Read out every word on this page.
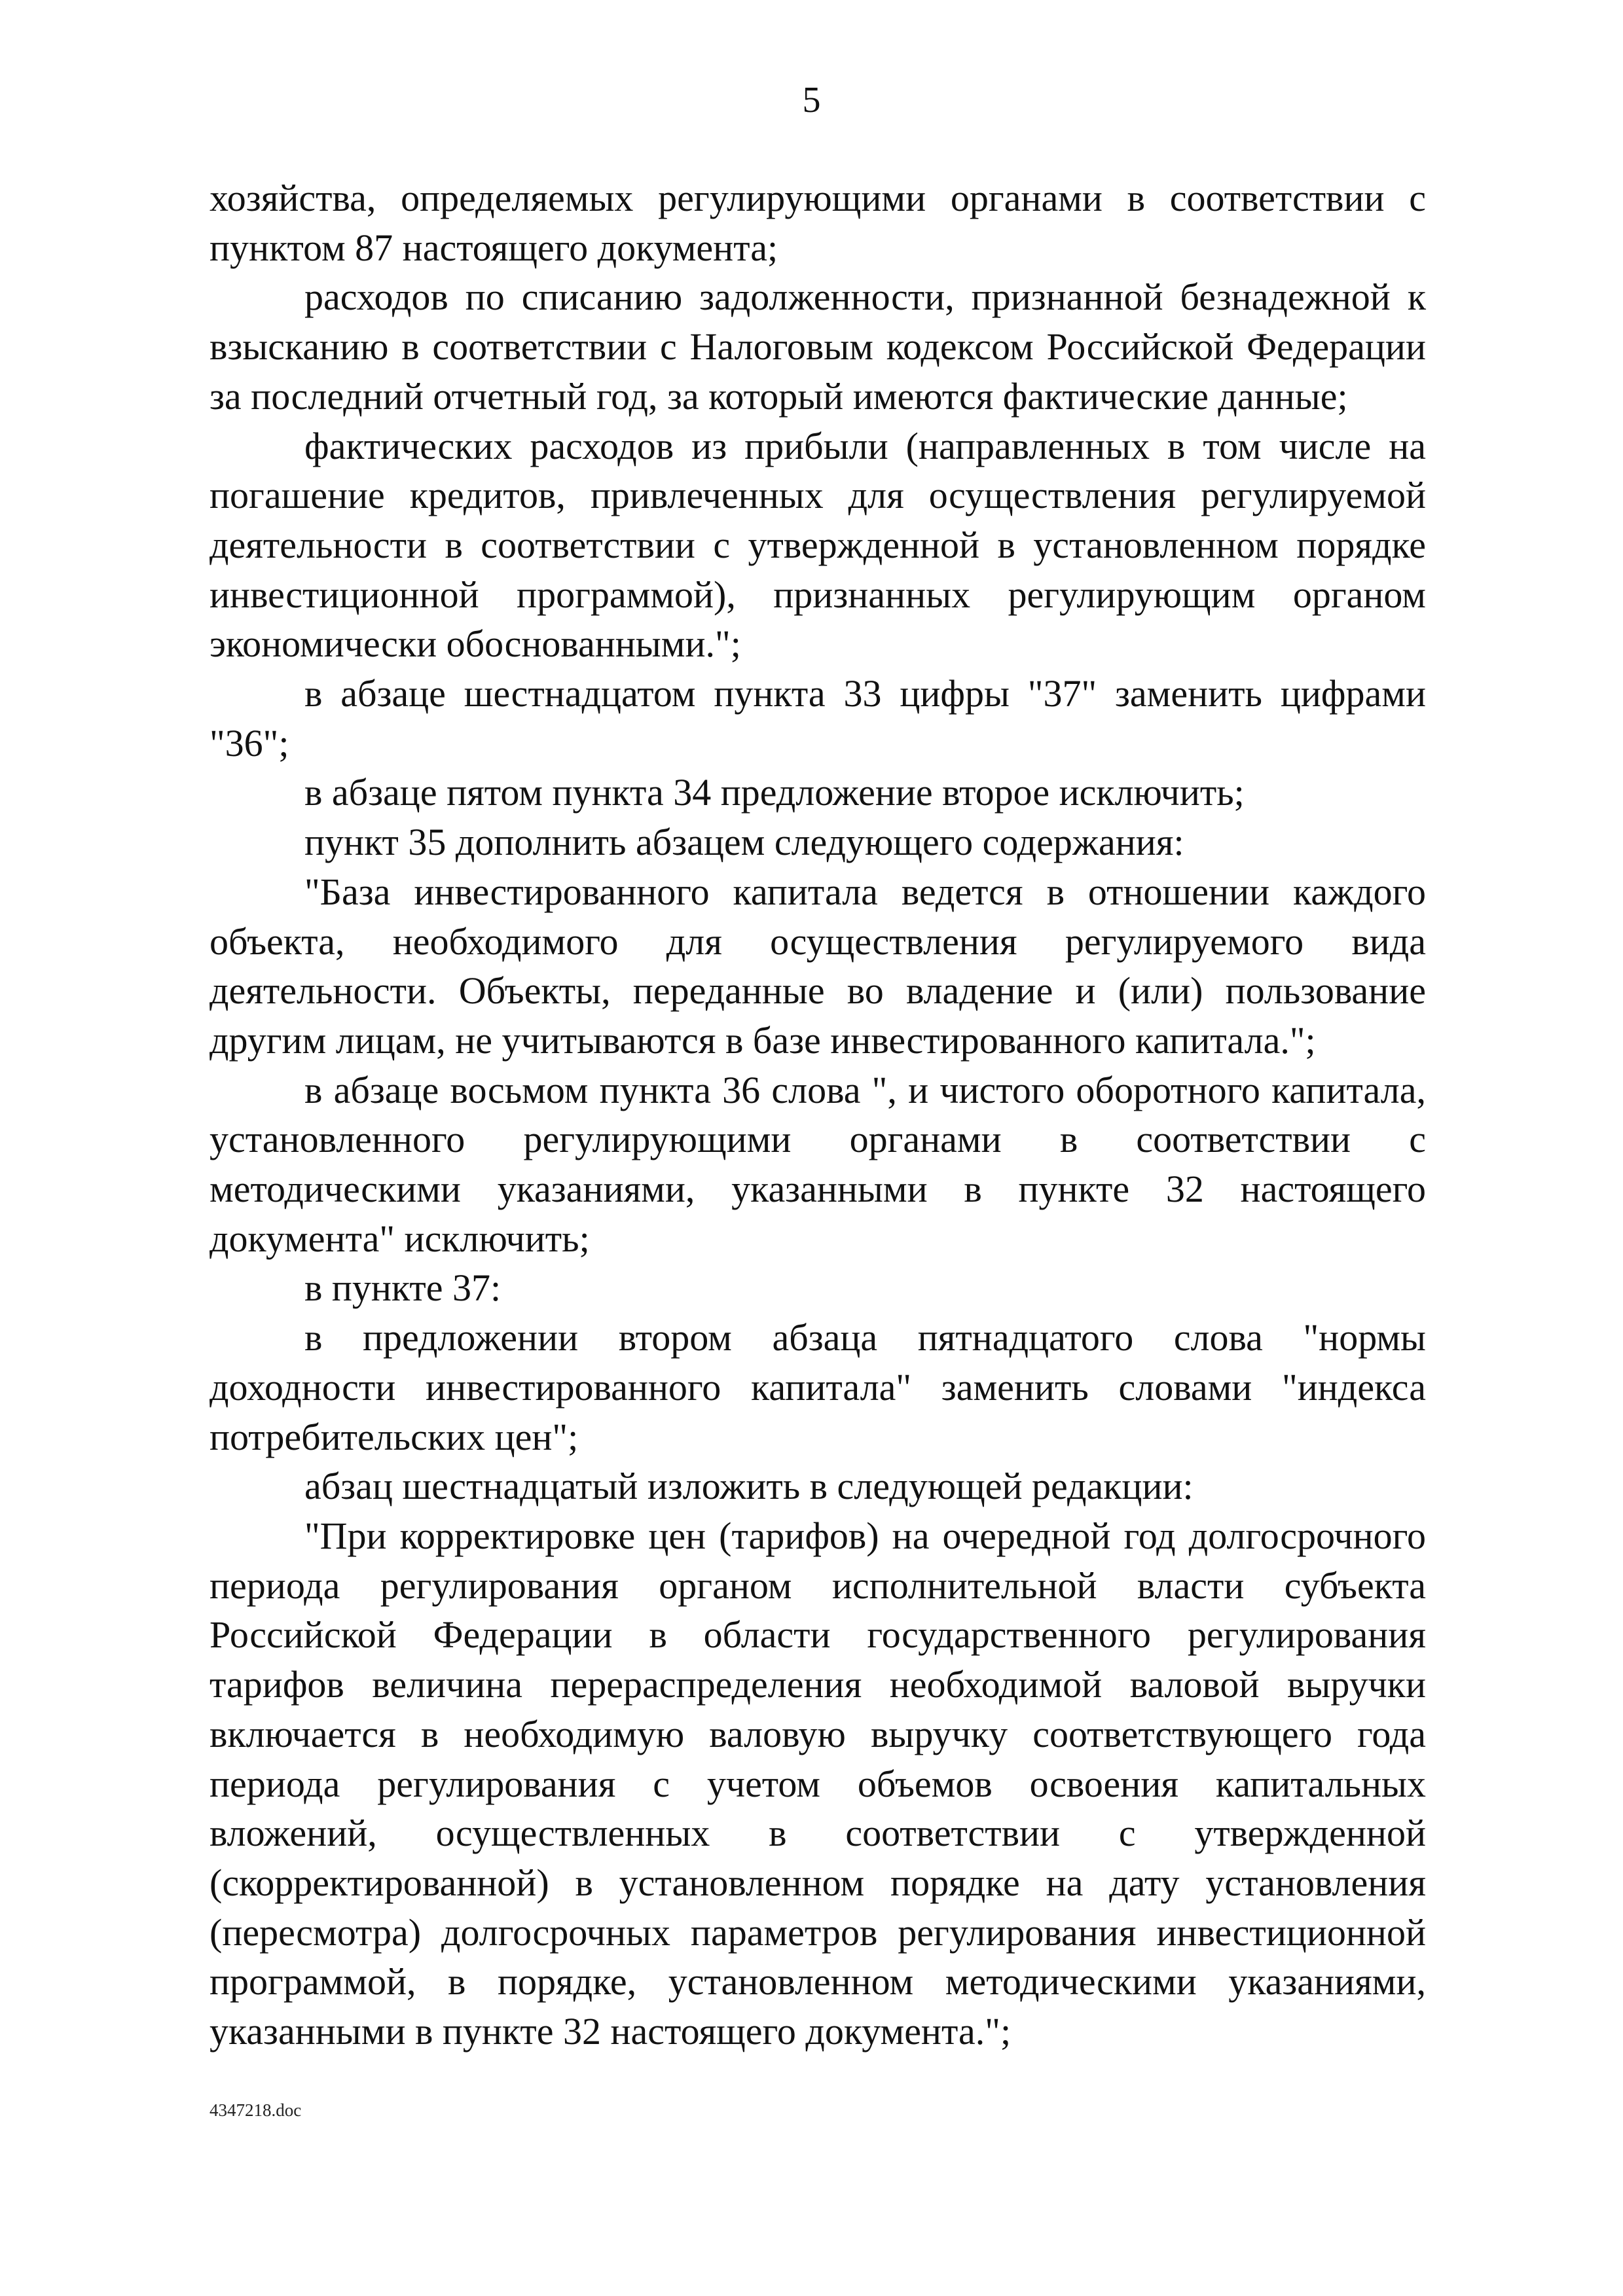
5

хозяйства, определяемых регулирующими органами в соответствии с пунктом 87 настоящего документа;

расходов по списанию задолженности, признанной безнадежной к взысканию в соответствии с Налоговым кодексом Российской Федерации за последний отчетный год, за который имеются фактические данные;

фактических расходов из прибыли (направленных в том числе на погашение кредитов, привлеченных для осуществления регулируемой деятельности в соответствии с утвержденной в установленном порядке инвестиционной программой), признанных регулирующим органом экономически обоснованными.";

в абзаце шестнадцатом пункта 33 цифры "37" заменить цифрами "36";

в абзаце пятом пункта 34 предложение второе исключить;

пункт 35 дополнить абзацем следующего содержания:

"База инвестированного капитала ведется в отношении каждого объекта, необходимого для осуществления регулируемого вида деятельности. Объекты, переданные во владение и (или) пользование другим лицам, не учитываются в базе инвестированного капитала.";

в абзаце восьмом пункта 36 слова ", и чистого оборотного капитала, установленного регулирующими органами в соответствии с методическими указаниями, указанными в пункте 32 настоящего документа" исключить;

в пункте 37:

в предложении втором абзаца пятнадцатого слова "нормы доходности инвестированного капитала" заменить словами "индекса потребительских цен";

абзац шестнадцатый изложить в следующей редакции:

"При корректировке цен (тарифов) на очередной год долгосрочного периода регулирования органом исполнительной власти субъекта Российской Федерации в области государственного регулирования тарифов величина перераспределения необходимой валовой выручки включается в необходимую валовую выручку соответствующего года периода регулирования с учетом объемов освоения капитальных вложений, осуществленных в соответствии с утвержденной (скорректированной) в установленном порядке на дату установления (пересмотра) долгосрочных параметров регулирования инвестиционной программой, в порядке, установленном методическими указаниями, указанными в пункте 32 настоящего документа.";

4347218.doc
